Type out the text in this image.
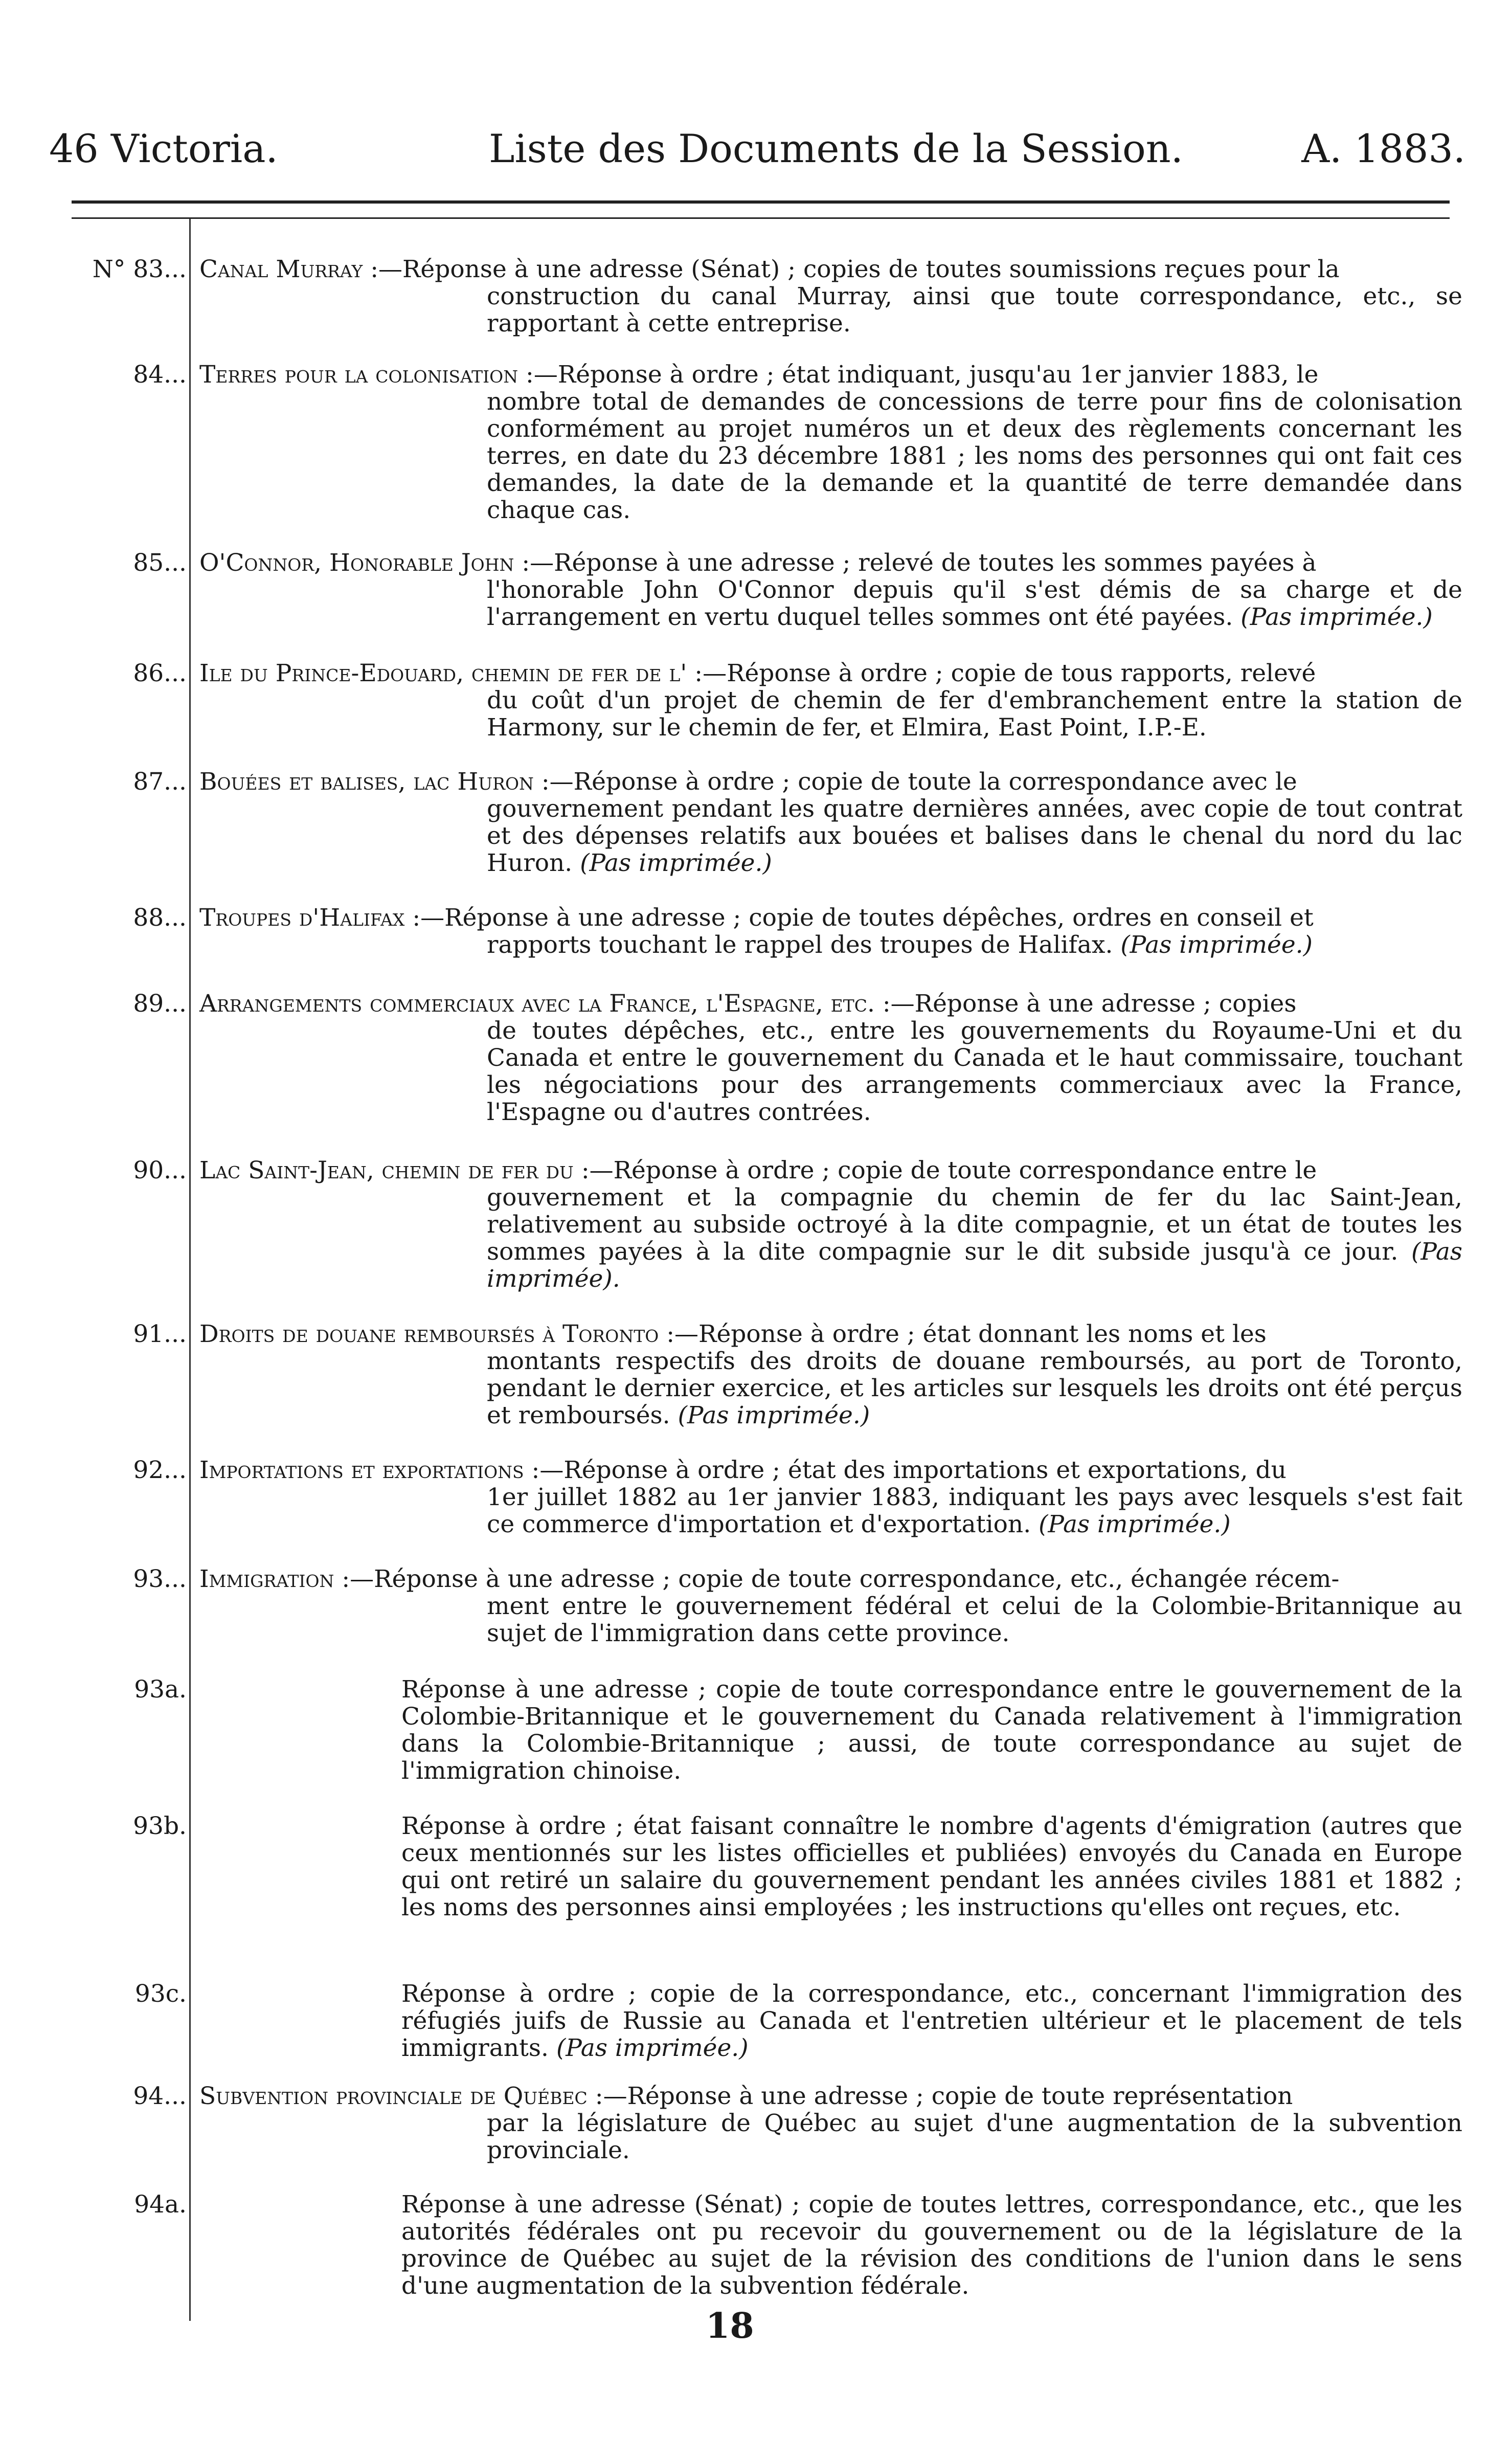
46 Victoria.	Liste des Documents de la Session.	A. 1883.
N° 83... Canal Murray :—Réponse à une adresse (Sénat) ; copies de toutes soumissions reçues pour la
construction du canal Murray, ainsi que toute correspondance, etc., se rapportant à cette entreprise.
84... Terres pour la colonisation :—Réponse à ordre ; état indiquant, jusqu'au 1er janvier 1883, le
nombre total de demandes de concessions de terre pour fins de colonisation conformément au projet numéros un et deux des règlements concernant les terres, en date du 23 décembre 1881 ; les noms des personnes qui ont fait ces demandes, la date de la demande et la quantité de terre demandée dans chaque cas.
85... O'Connor, Honorable John :—Réponse à une adresse ; relevé de toutes les sommes payées à
l'honorable John O'Connor depuis qu'il s'est démis de sa charge et de l'arrangement en vertu duquel telles sommes ont été payées. (Pas imprimée.)
86... Ile du Prince-Edouard, chemin de fer de l' :—Réponse à ordre ; copie de tous rapports, relevé
du coût d'un projet de chemin de fer d'embranchement entre la station de Harmony, sur le chemin de fer, et Elmira, East Point, I.P.-E.
87... Bouées et balises, lac Huron :—Réponse à ordre ; copie de toute la correspondance avec le
gouvernement pendant les quatre dernières années, avec copie de tout contrat et des dépenses relatifs aux bouées et balises dans le chenal du nord du lac Huron. (Pas imprimée.)
88... Troupes d'Halifax :—Réponse à une adresse ; copie de toutes dépêches, ordres en conseil et
rapports touchant le rappel des troupes de Halifax. (Pas imprimée.)
89... Arrangements commerciaux avec la France, l'Espagne, etc. :—Réponse à une adresse ; copies
de toutes dépêches, etc., entre les gouvernements du Royaume-Uni et du Canada et entre le gouvernement du Canada et le haut commissaire, touchant les négociations pour des arrangements commerciaux avec la France, l'Espagne ou d'autres contrées.
90... Lac Saint-Jean, chemin de fer du :—Réponse à ordre ; copie de toute correspondance entre le
gouvernement et la compagnie du chemin de fer du lac Saint-Jean, relativement au subside octroyé à la dite compagnie, et un état de toutes les sommes payées à la dite compagnie sur le dit subside jusqu'à ce jour. (Pas imprimée).
91... Droits de douane remboursés à Toronto :—Réponse à ordre ; état donnant les noms et les
montants respectifs des droits de douane remboursés, au port de Toronto, pendant le dernier exercice, et les articles sur lesquels les droits ont été perçus et remboursés. (Pas imprimée.)
92... Importations et exportations :—Réponse à ordre ; état des importations et exportations, du
1er juillet 1882 au 1er janvier 1883, indiquant les pays avec lesquels s'est fait ce commerce d'importation et d'exportation. (Pas imprimée.)
93... Immigration :—Réponse à une adresse ; copie de toute correspondance, etc., échangée récem-
ment entre le gouvernement fédéral et celui de la Colombie-Britannique au sujet de l'immigration dans cette province.
93a.	Réponse à une adresse ; copie de toute correspondance entre le gouvernement de la Colombie-Britannique et le gouvernement du Canada relativement à l'immigration dans la Colombie-Britannique ; aussi, de toute correspondance au sujet de l'immigration chinoise.
93b.	Réponse à ordre ; état faisant connaître le nombre d'agents d'émigration (autres que ceux mentionnés sur les listes officielles et publiées) envoyés du Canada en Europe qui ont retiré un salaire du gouvernement pendant les années civiles 1881 et 1882 ; les noms des personnes ainsi employées ; les instructions qu'elles ont reçues, etc.
93c.	Réponse à ordre ; copie de la correspondance, etc., concernant l'immigration des réfugiés juifs de Russie au Canada et l'entretien ultérieur et le placement de tels immigrants. (Pas imprimée.)
94... Subvention provinciale de Québec :—Réponse à une adresse ; copie de toute représentation
par la législature de Québec au sujet d'une augmentation de la subvention provinciale.
94a.	Réponse à une adresse (Sénat) ; copie de toutes lettres, correspondance, etc., que les autorités fédérales ont pu recevoir du gouvernement ou de la législature de la province de Québec au sujet de la révision des conditions de l'union dans le sens d'une augmentation de la subvention fédérale.
18
